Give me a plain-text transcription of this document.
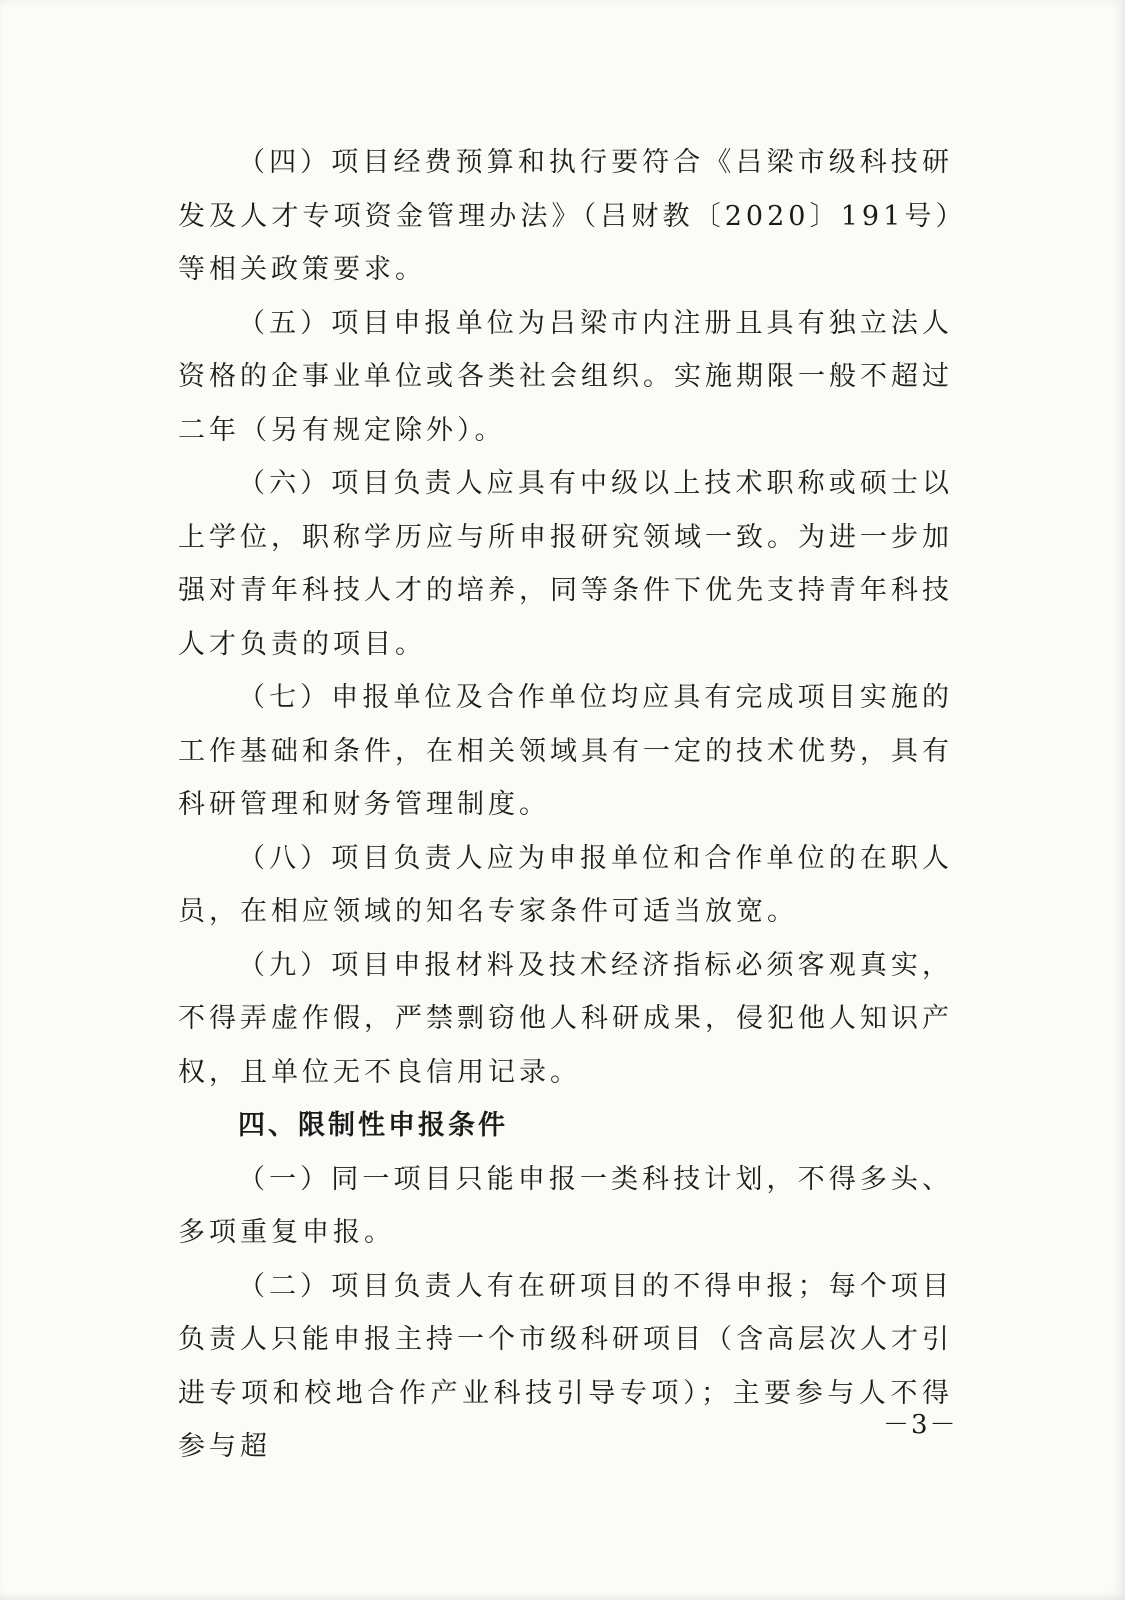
（四）项目经费预算和执行要符合《吕梁市级科技研发及人才专项资金管理办法》（吕财教〔2020〕191号）等相关政策要求。

（五）项目申报单位为吕梁市内注册且具有独立法人资格的企事业单位或各类社会组织。实施期限一般不超过二年（另有规定除外）。

（六）项目负责人应具有中级以上技术职称或硕士以上学位，职称学历应与所申报研究领域一致。为进一步加强对青年科技人才的培养，同等条件下优先支持青年科技人才负责的项目。

（七）申报单位及合作单位均应具有完成项目实施的工作基础和条件，在相关领域具有一定的技术优势，具有科研管理和财务管理制度。

（八）项目负责人应为申报单位和合作单位的在职人员，在相应领域的知名专家条件可适当放宽。

（九）项目申报材料及技术经济指标必须客观真实，不得弄虚作假，严禁剽窃他人科研成果，侵犯他人知识产权，且单位无不良信用记录。

四、限制性申报条件

（一）同一项目只能申报一类科技计划，不得多头、多项重复申报。

（二）项目负责人有在研项目的不得申报；每个项目负责人只能申报主持一个市级科研项目（含高层次人才引进专项和校地合作产业科技引导专项）；主要参与人不得参与超

－3－
